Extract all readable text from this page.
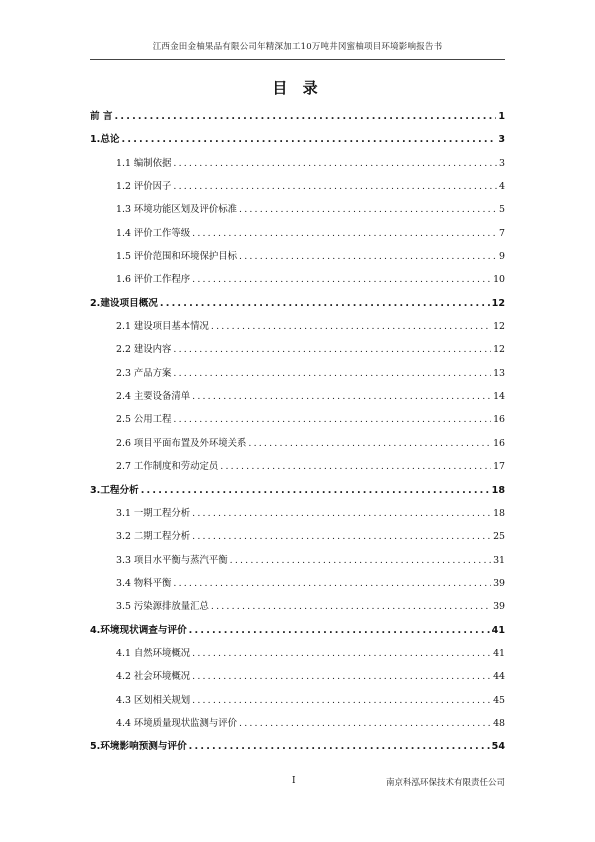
江西金田金柚果品有限公司年精深加工10万吨井冈蜜柚项目环境影响报告书
目 录
前 言 .....	1
1.总论 .....	3
1.1 编制依据 .....	3
1.2 评价因子 .....	4
1.3 环境功能区划及评价标准 .....	5
1.4 评价工作等级 .....	7
1.5 评价范围和环境保护目标 .....	9
1.6 评价工作程序 .....	10
2.建设项目概况 .....	12
2.1 建设项目基本情况 .....	12
2.2 建设内容 .....	12
2.3 产品方案 .....	13
2.4 主要设备清单 .....	14
2.5 公用工程 .....	16
2.6 项目平面布置及外环境关系 .....	16
2.7 工作制度和劳动定员 .....	17
3.工程分析 .....	18
3.1 一期工程分析 .....	18
3.2 二期工程分析 .....	25
3.3 项目水平衡与蒸汽平衡 .....	31
3.4 物料平衡 .....	39
3.5 污染源排放量汇总 .....	39
4.环境现状调查与评价 .....	41
4.1 自然环境概况 .....	41
4.2 社会环境概况 .....	44
4.3 区划相关规划 .....	45
4.4 环境质量现状监测与评价 .....	48
5.环境影响预测与评价 .....	54
I	南京科泓环保技术有限责任公司
